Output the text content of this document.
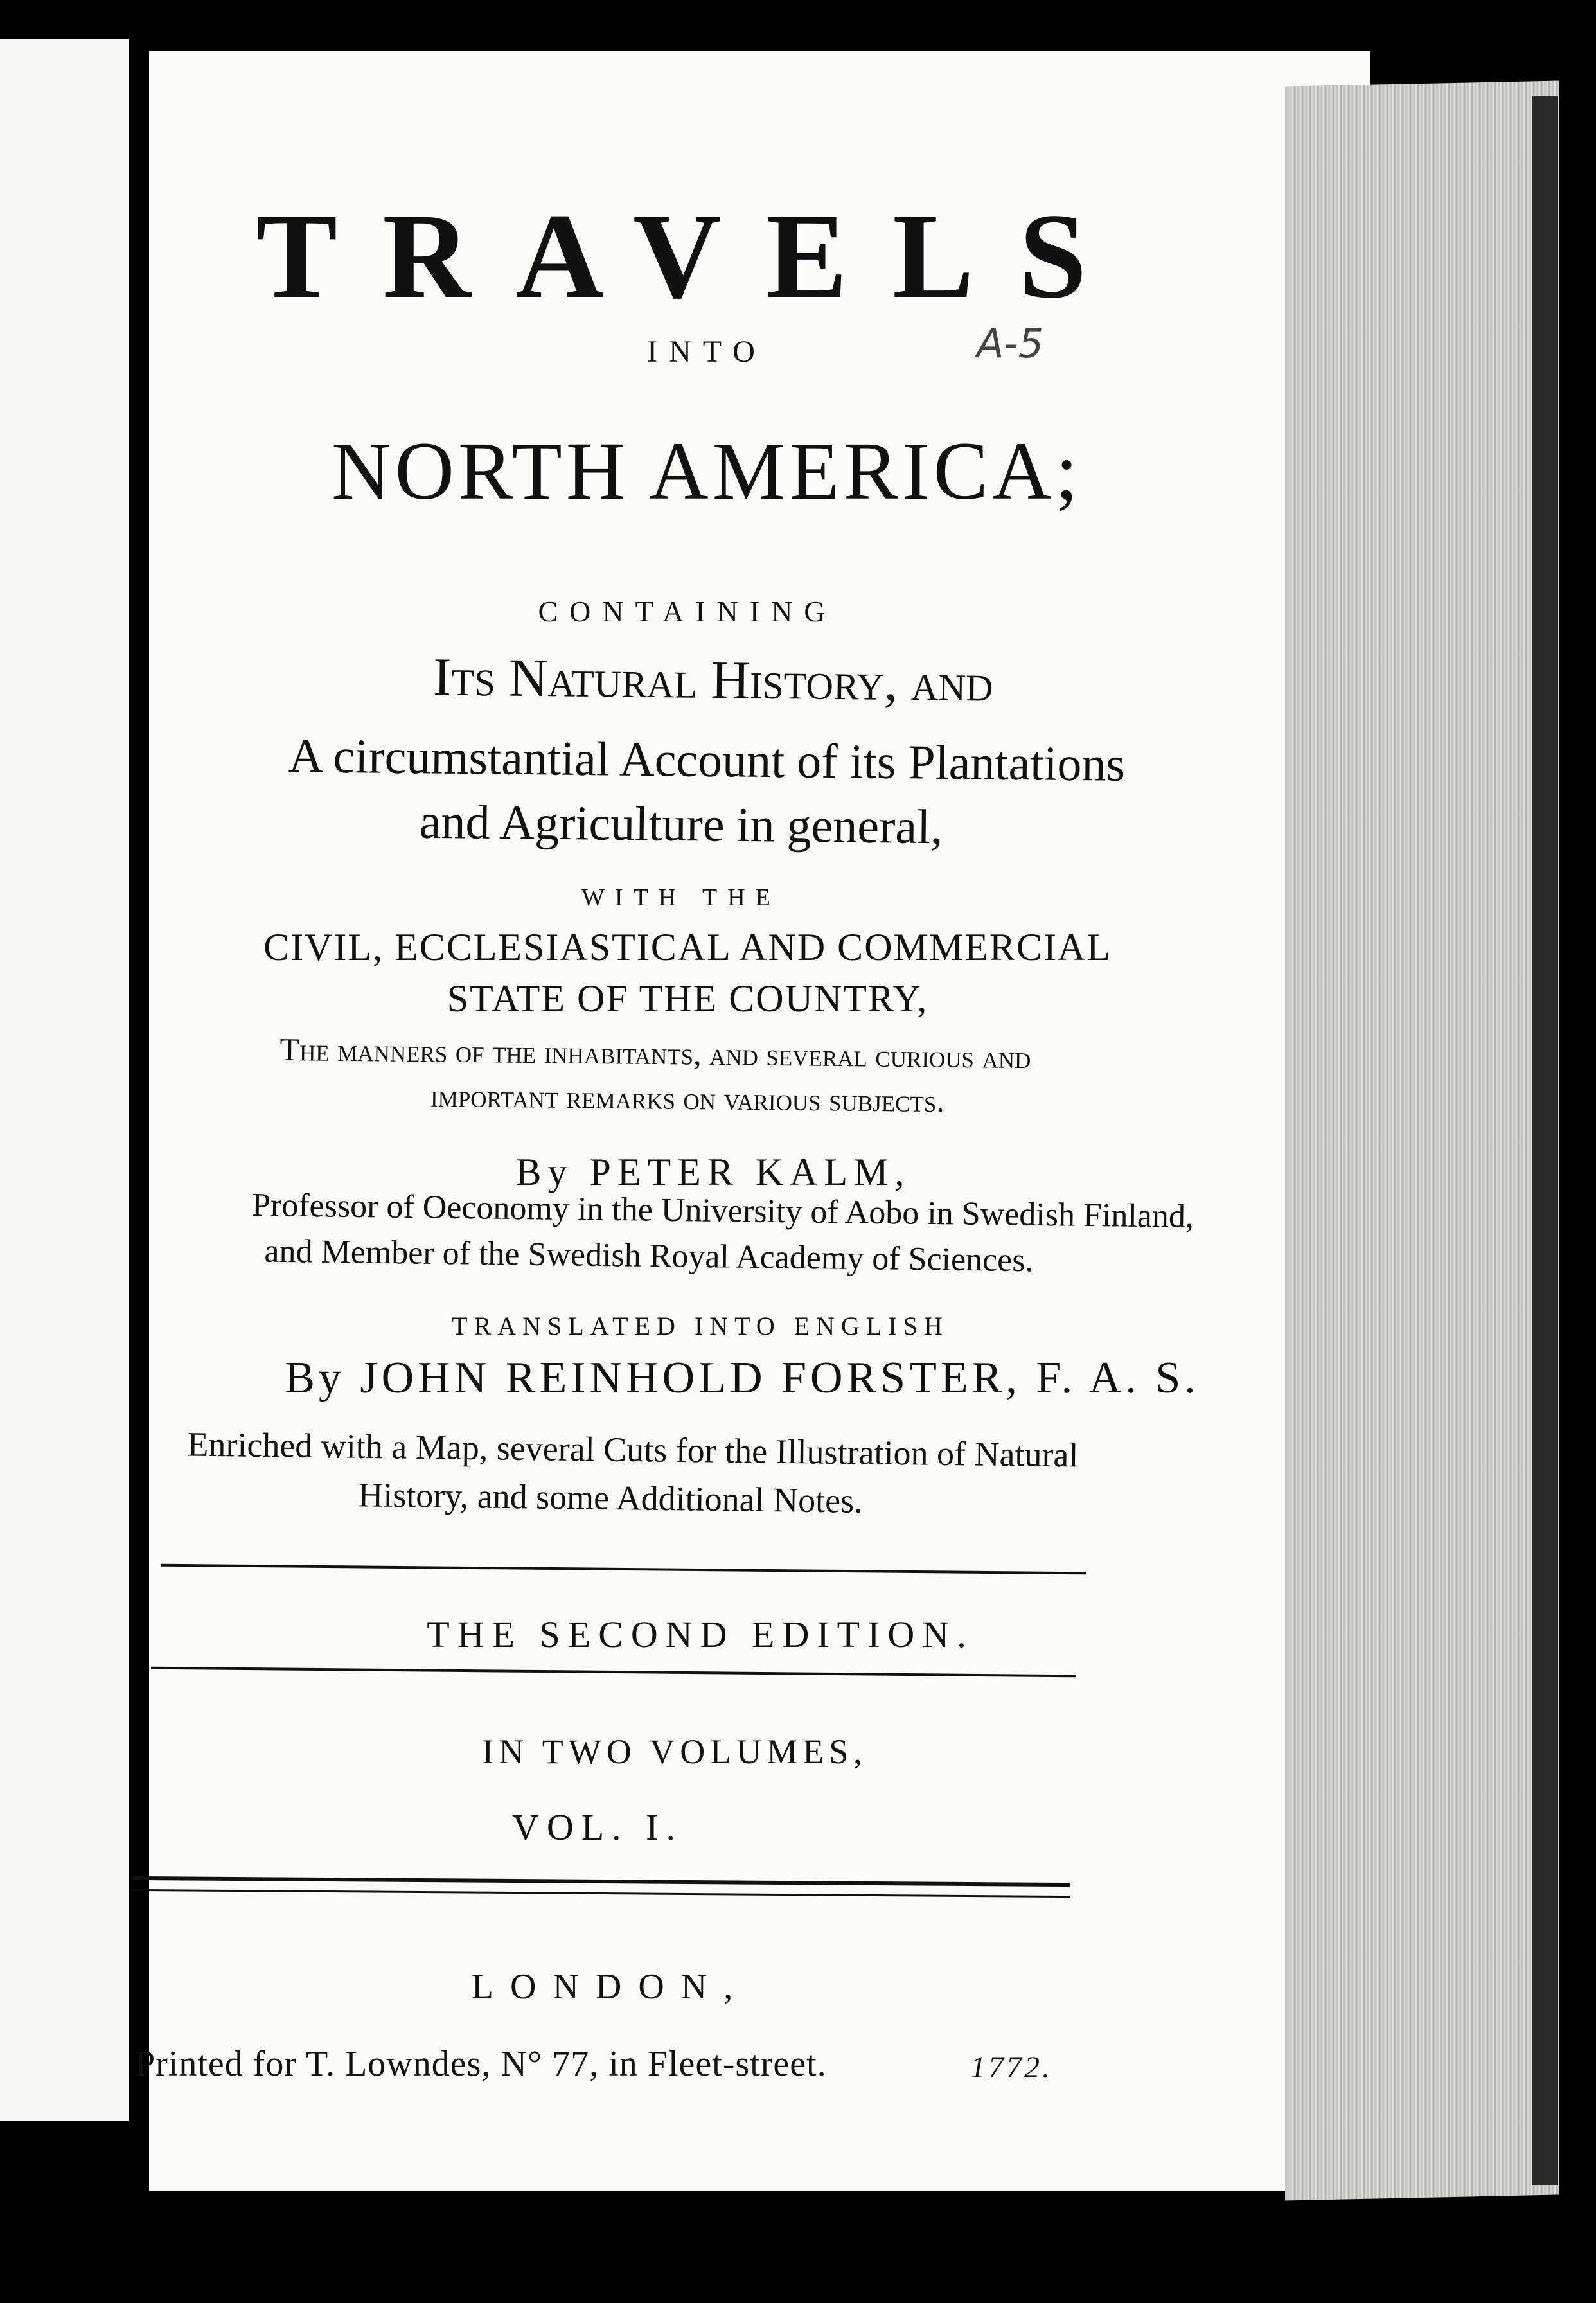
TRAVELS
INTO	A-5
NORTH AMERICA;
CONTAINING
Its Natural History, and
A circumstantial Account of its Plantations
and Agriculture in general,
WITH THE
CIVIL, ECCLESIASTICAL AND COMMERCIAL
STATE OF THE COUNTRY,
The manners of the inhabitants, and several curious and
important remarks on various subjects.
By PETER KALM,
Professor of Oeconomy in the University of Aobo in Swedish Finland,
and Member of the Swedish Royal Academy of Sciences.
TRANSLATED INTO ENGLISH
By JOHN REINHOLD FORSTER, F. A. S.
Enriched with a Map, several Cuts for the Illustration of Natural
History, and some Additional Notes.
THE SECOND EDITION.
IN TWO VOLUMES,
VOL. I.
LONDON,
Printed for T. Lowndes, N° 77, in Fleet-street.	1772.
